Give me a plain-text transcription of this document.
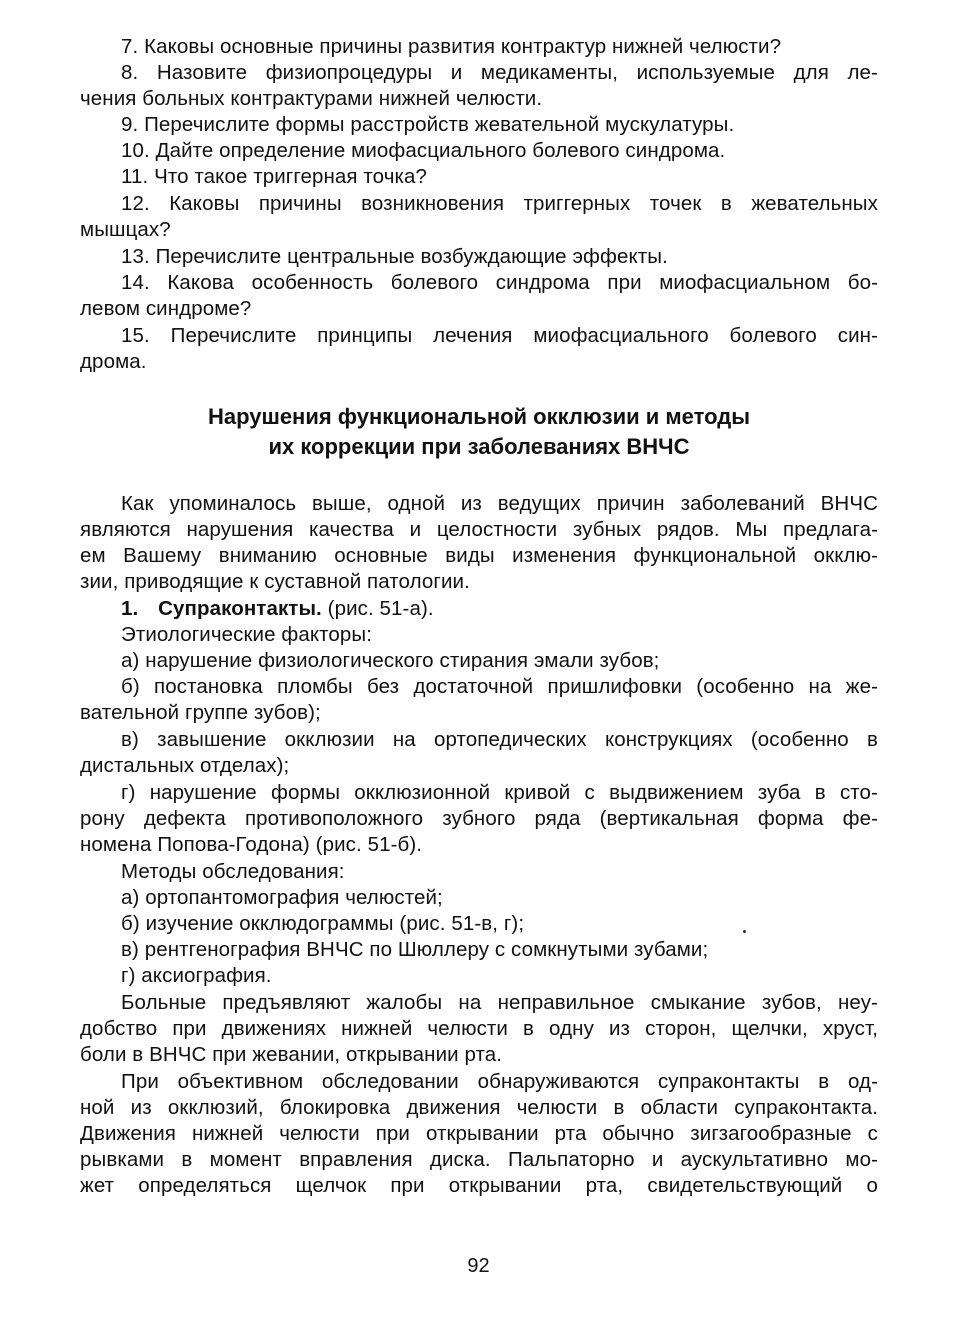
7. Каковы основные причины развития контрактур нижней челюсти?
8. Назовите физиопроцедуры и медикаменты, используемые для ле-
чения больных контрактурами нижней челюсти.
9. Перечислите формы расстройств жевательной мускулатуры.
10. Дайте определение миофасциального болевого синдрома.
11. Что такое триггерная точка?
12. Каковы причины возникновения триггерных точек в жевательных
мышцах?
13. Перечислите центральные возбуждающие эффекты.
14. Какова особенность болевого синдрома при миофасциальном бо-
левом синдроме?
15. Перечислите принципы лечения миофасциального болевого син-
дрома.
Нарушения функциональной окклюзии и методы
их коррекции при заболеваниях ВНЧС
Как упоминалось выше, одной из ведущих причин заболеваний ВНЧС
являются нарушения качества и целостности зубных рядов. Мы предлага-
ем Вашему вниманию основные виды изменения функциональной окклю-
зии, приводящие к суставной патологии.
1. Супраконтакты. (рис. 51-а).
Этиологические факторы:
а) нарушение физиологического стирания эмали зубов;
б) постановка пломбы без достаточной пришлифовки (особенно на же-
вательной группе зубов);
в) завышение окклюзии на ортопедических конструкциях (особенно в
дистальных отделах);
г) нарушение формы окклюзионной кривой с выдвижением зуба в сто-
рону дефекта противоположного зубного ряда (вертикальная форма фе-
номена Попова-Годона) (рис. 51-б).
Методы обследования:
а) ортопантомография челюстей;
б) изучение окклюдограммы (рис. 51-в, г);
в) рентгенография ВНЧС по Шюллеру с сомкнутыми зубами;
г) аксиография.
Больные предъявляют жалобы на неправильное смыкание зубов, неу-
добство при движениях нижней челюсти в одну из сторон, щелчки, хруст,
боли в ВНЧС при жевании, открывании рта.
При объективном обследовании обнаруживаются супраконтакты в од-
ной из окклюзий, блокировка движения челюсти в области супраконтакта.
Движения нижней челюсти при открывании рта обычно зигзагообразные с
рывками в момент вправления диска. Пальпаторно и аускультативно мо-
жет определяться щелчок при открывании рта, свидетельствующий о
92
